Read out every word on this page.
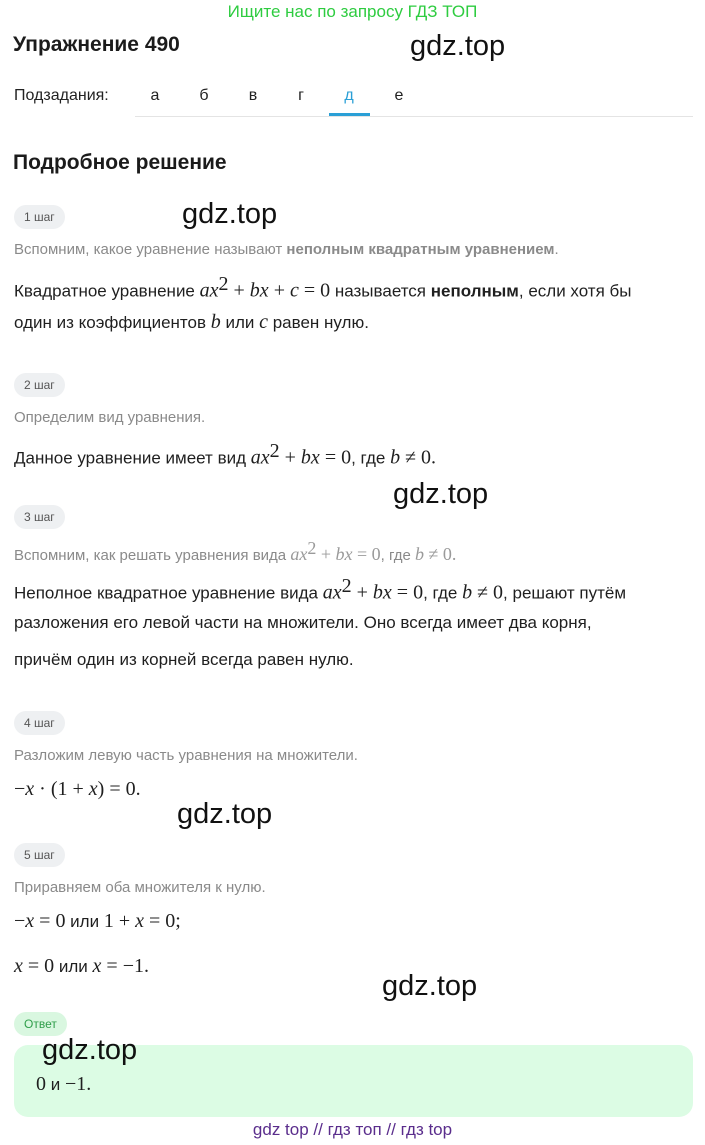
Ищите нас по запросу ГДЗ ТОП
Упражнение 490	gdz.top
Подзадания:	а	б	в	г	д	е
Подробное решение
1 шаг	gdz.top
Вспомним, какое уравнение называют неполным квадратным уравнением.
Квадратное уравнение $ax^2$ + bx + c = 0 называется неполным, если хотя бы
один из коэффициентов b или c равен нулю.
2 шаг
Определим вид уравнения.
Данное уравнение имеет вид $ax^2$ + bx = 0, где b ≠ 0.
gdz.top
3 шаг
Вспомним, как решать уравнения вида $ax^2$ + bx = 0, где b ≠ 0.
Неполное квадратное уравнение вида $ax^2$ + bx = 0, где b ≠ 0, решают путём
разложения его левой части на множители. Оно всегда имеет два корня,
причём один из корней всегда равен нулю.
4 шаг
Разложим левую часть уравнения на множители.
−x · (1 + x) = 0.
gdz.top
5 шаг
Приравняем оба множителя к нулю.
−x = 0 или 1 + x = 0;
x = 0 или x = −1.
gdz.top
Ответ
gdz.top
0 и −1.
gdz top // гдз топ // гдз top
